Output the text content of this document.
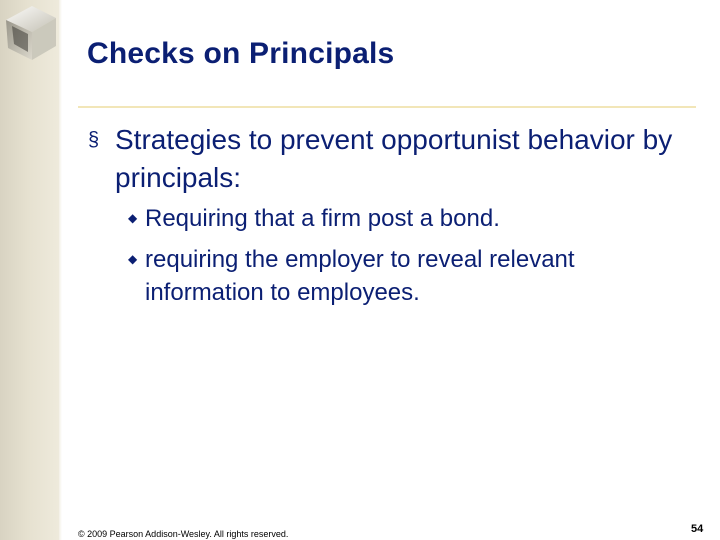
Checks on Principals
§ Strategies to prevent opportunist behavior by principals:
◆ Requiring that a firm post a bond.
◆ requiring the employer to reveal relevant information to employees.
© 2009 Pearson Addison-Wesley. All rights reserved.	54
